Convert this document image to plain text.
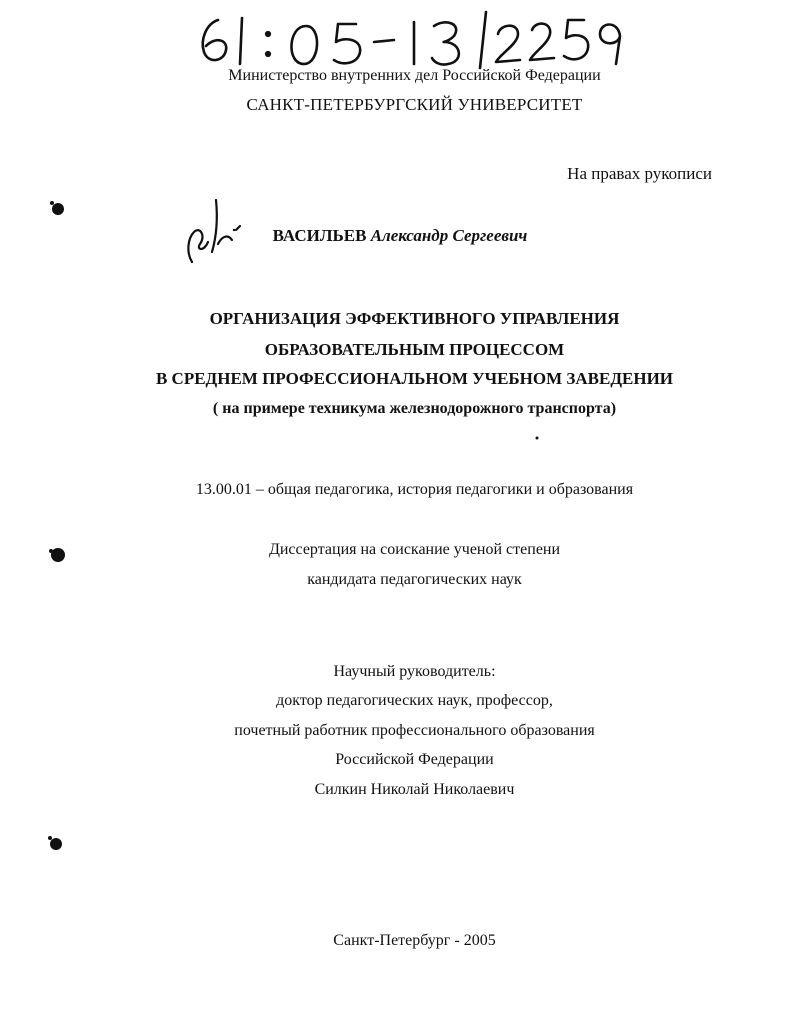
Министерство внутренних дел Российской Федерации
САНКТ-ПЕТЕРБУРГСКИЙ УНИВЕРСИТЕТ
На правах рукописи
ВАСИЛЬЕВ Александр Сергеевич
ОРГАНИЗАЦИЯ ЭФФЕКТИВНОГО УПРАВЛЕНИЯ
ОБРАЗОВАТЕЛЬНЫМ ПРОЦЕССОМ
В СРЕДНЕМ ПРОФЕССИОНАЛЬНОМ УЧЕБНОМ ЗАВЕДЕНИИ
( на примере техникума железнодорожного транспорта)
13.00.01 – общая педагогика, история педагогики и образования
Диссертация на соискание ученой степени
кандидата педагогических наук
Научный руководитель:
доктор педагогических наук, профессор,
почетный работник профессионального образования
Российской Федерации
Силкин Николай Николаевич
Санкт-Петербург - 2005
